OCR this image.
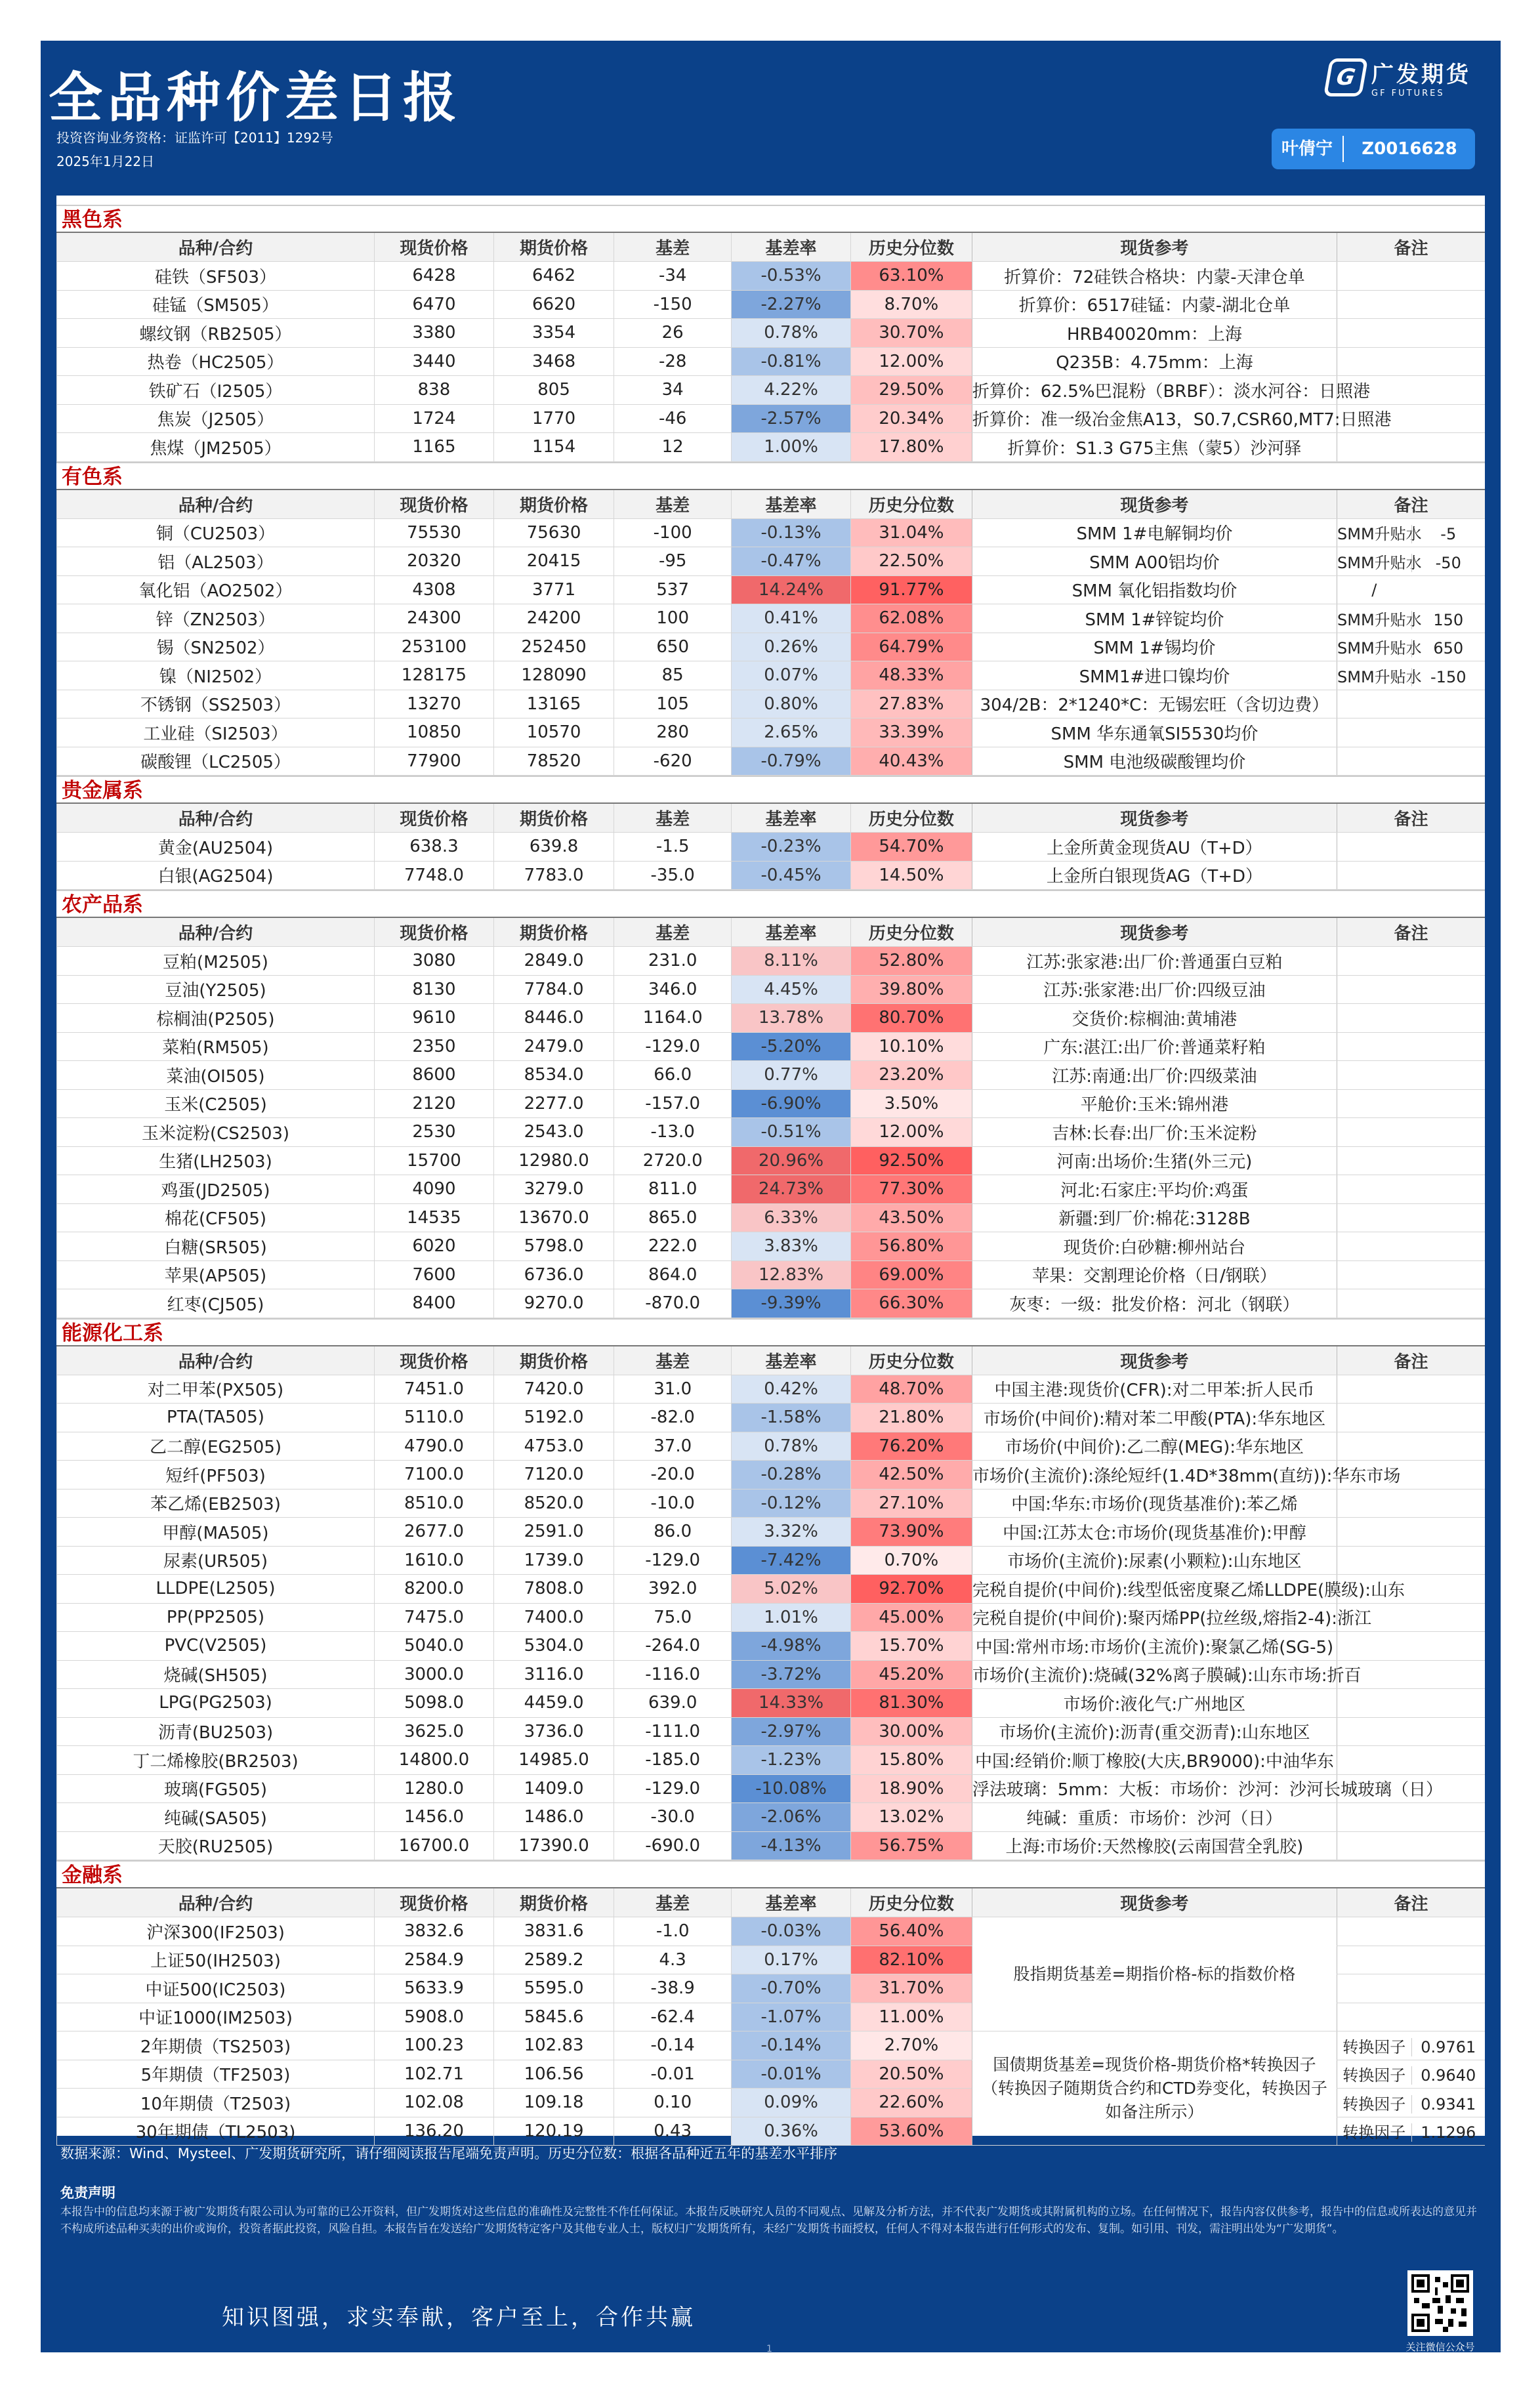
全品种价差日报
投资咨询业务资格：证监许可【2011】1292号
2025年1月22日
G 广发期货
GF FUTURES
叶倩宁	Z0016628
黑色系
品种/合约	现货价格	期货价格	基差	基差率	历史分位数	现货参考	备注
硅铁（SF503）	6428	6462	-34	-0.53%	63.10%	折算价：72硅铁合格块：内蒙-天津仓单	
硅锰（SM505）	6470	6620	-150	-2.27%	8.70%	折算价：6517硅锰：内蒙-湖北仓单	
螺纹钢（RB2505）	3380	3354	26	0.78%	30.70%	HRB40020mm：上海	
热卷（HC2505）	3440	3468	-28	-0.81%	12.00%	Q235B：4.75mm：上海	
铁矿石（I2505）	838	805	34	4.22%	29.50%	折算价：62.5%巴混粉（BRBF）：淡水河谷：日照港	
焦炭（J2505）	1724	1770	-46	-2.57%	20.34%	折算价：准一级冶金焦A13，S0.7,CSR60,MT7:日照港	
焦煤（JM2505）	1165	1154	12	1.00%	17.80%	折算价：S1.3 G75主焦（蒙5）沙河驿	
有色系
品种/合约	现货价格	期货价格	基差	基差率	历史分位数	现货参考	备注
铜（CU2503）	75530	75630	-100	-0.13%	31.04%	SMM 1#电解铜均价	SMM升贴水 -5
铝（AL2503）	20320	20415	-95	-0.47%	22.50%	SMM A00铝均价	SMM升贴水 -50
氧化铝（AO2502）	4308	3771	537	14.24%	91.77%	SMM 氧化铝指数均价	/
锌（ZN2503）	24300	24200	100	0.41%	62.08%	SMM 1#锌锭均价	SMM升贴水 150
锡（SN2502）	253100	252450	650	0.26%	64.79%	SMM 1#锡均价	SMM升贴水 650
镍（NI2502）	128175	128090	85	0.07%	48.33%	SMM1#进口镍均价	SMM升贴水 -150
不锈钢（SS2503）	13270	13165	105	0.80%	27.83%	304/2B：2*1240*C：无锡宏旺（含切边费）	
工业硅（SI2503）	10850	10570	280	2.65%	33.39%	SMM 华东通氧SI5530均价	
碳酸锂（LC2505）	77900	78520	-620	-0.79%	40.43%	SMM 电池级碳酸锂均价	
贵金属系
品种/合约	现货价格	期货价格	基差	基差率	历史分位数	现货参考	备注
黄金(AU2504)	638.3	639.8	-1.5	-0.23%	54.70%	上金所黄金现货AU（T+D）	
白银(AG2504)	7748.0	7783.0	-35.0	-0.45%	14.50%	上金所白银现货AG（T+D）	
农产品系
品种/合约	现货价格	期货价格	基差	基差率	历史分位数	现货参考	备注
豆粕(M2505)	3080	2849.0	231.0	8.11%	52.80%	江苏:张家港:出厂价:普通蛋白豆粕	
豆油(Y2505)	8130	7784.0	346.0	4.45%	39.80%	江苏:张家港:出厂价:四级豆油	
棕榈油(P2505)	9610	8446.0	1164.0	13.78%	80.70%	交货价:棕榈油:黄埔港	
菜粕(RM505)	2350	2479.0	-129.0	-5.20%	10.10%	广东:湛江:出厂价:普通菜籽粕	
菜油(OI505)	8600	8534.0	66.0	0.77%	23.20%	江苏:南通:出厂价:四级菜油	
玉米(C2505)	2120	2277.0	-157.0	-6.90%	3.50%	平舱价:玉米:锦州港	
玉米淀粉(CS2503)	2530	2543.0	-13.0	-0.51%	12.00%	吉林:长春:出厂价:玉米淀粉	
生猪(LH2503)	15700	12980.0	2720.0	20.96%	92.50%	河南:出场价:生猪(外三元)	
鸡蛋(JD2505)	4090	3279.0	811.0	24.73%	77.30%	河北:石家庄:平均价:鸡蛋	
棉花(CF505)	14535	13670.0	865.0	6.33%	43.50%	新疆:到厂价:棉花:3128B	
白糖(SR505)	6020	5798.0	222.0	3.83%	56.80%	现货价:白砂糖:柳州站台	
苹果(AP505)	7600	6736.0	864.0	12.83%	69.00%	苹果：交割理论价格（日/钢联）	
红枣(CJ505)	8400	9270.0	-870.0	-9.39%	66.30%	灰枣：一级：批发价格：河北（钢联）	
能源化工系
品种/合约	现货价格	期货价格	基差	基差率	历史分位数	现货参考	备注
对二甲苯(PX505)	7451.0	7420.0	31.0	0.42%	48.70%	中国主港:现货价(CFR):对二甲苯:折人民币	
PTA(TA505)	5110.0	5192.0	-82.0	-1.58%	21.80%	市场价(中间价):精对苯二甲酸(PTA):华东地区	
乙二醇(EG2505)	4790.0	4753.0	37.0	0.78%	76.20%	市场价(中间价):乙二醇(MEG):华东地区	
短纤(PF503)	7100.0	7120.0	-20.0	-0.28%	42.50%	市场价(主流价):涤纶短纤(1.4D*38mm(直纺)):华东市场	
苯乙烯(EB2503)	8510.0	8520.0	-10.0	-0.12%	27.10%	中国:华东:市场价(现货基准价):苯乙烯	
甲醇(MA505)	2677.0	2591.0	86.0	3.32%	73.90%	中国:江苏太仓:市场价(现货基准价):甲醇	
尿素(UR505)	1610.0	1739.0	-129.0	-7.42%	0.70%	市场价(主流价):尿素(小颗粒):山东地区	
LLDPE(L2505)	8200.0	7808.0	392.0	5.02%	92.70%	完税自提价(中间价):线型低密度聚乙烯LLDPE(膜级):山东	
PP(PP2505)	7475.0	7400.0	75.0	1.01%	45.00%	完税自提价(中间价):聚丙烯PP(拉丝级,熔指2-4):浙江	
PVC(V2505)	5040.0	5304.0	-264.0	-4.98%	15.70%	中国:常州市场:市场价(主流价):聚氯乙烯(SG-5)	
烧碱(SH505)	3000.0	3116.0	-116.0	-3.72%	45.20%	市场价(主流价):烧碱(32%离子膜碱):山东市场:折百	
LPG(PG2503)	5098.0	4459.0	639.0	14.33%	81.30%	市场价:液化气:广州地区	
沥青(BU2503)	3625.0	3736.0	-111.0	-2.97%	30.00%	市场价(主流价):沥青(重交沥青):山东地区	
丁二烯橡胶(BR2503)	14800.0	14985.0	-185.0	-1.23%	15.80%	中国:经销价:顺丁橡胶(大庆,BR9000):中油华东	
玻璃(FG505)	1280.0	1409.0	-129.0	-10.08%	18.90%	浮法玻璃：5mm：大板：市场价：沙河：沙河长城玻璃（日）	
纯碱(SA505)	1456.0	1486.0	-30.0	-2.06%	13.02%	纯碱：重质：市场价：沙河（日）	
天胶(RU2505)	16700.0	17390.0	-690.0	-4.13%	56.75%	上海:市场价:天然橡胶(云南国营全乳胶)	
金融系
品种/合约	现货价格	期货价格	基差	基差率	历史分位数	现货参考	备注
沪深300(IF2503)	3832.6	3831.6	-1.0	-0.03%	56.40%	股指期货基差=期指价格-标的指数价格	
上证50(IH2503)	2584.9	2589.2	4.3	0.17%	82.10%		
中证500(IC2503)	5633.9	5595.0	-38.9	-0.70%	31.70%		
中证1000(IM2503)	5908.0	5845.6	-62.4	-1.07%	11.00%		
2年期债（TS2503)	100.23	102.83	-0.14	-0.14%	2.70%	国债期货基差=现货价格-期货价格*转换因子（转换因子随期货合约和CTD券变化，转换因子如备注所示）	转换因子 0.9761
5年期债（TF2503)	102.71	106.56	-0.01	-0.01%	20.50%		转换因子 0.9640
10年期债（T2503)	102.08	109.18	0.10	0.09%	22.60%		转换因子 0.9341
30年期债（TL2503)	136.20	120.19	0.43	0.36%	53.60%		转换因子 1.1296
数据来源：Wind、Mysteel、广发期货研究所，请仔细阅读报告尾端免责声明。历史分位数：根据各品种近五年的基差水平排序
免责声明
本报告中的信息均来源于被广发期货有限公司认为可靠的已公开资料，但广发期货对这些信息的准确性及完整性不作任何保证。本报告反映研究人员的不同观点、见解及分析方法，并不代表广发期货或其附属机构的立场。在任何情况下，报告内容仅供参考，报告中的信息或所表达的意见并不构成所述品种买卖的出价或询价，投资者据此投资，风险自担。本报告旨在发送给广发期货特定客户及其他专业人士，版权归广发期货所有，未经广发期货书面授权，任何人不得对本报告进行任何形式的发布、复制。如引用、刊发，需注明出处为“广发期货”。
知识图强，求实奉献，客户至上，合作共赢
关注微信公众号
1
